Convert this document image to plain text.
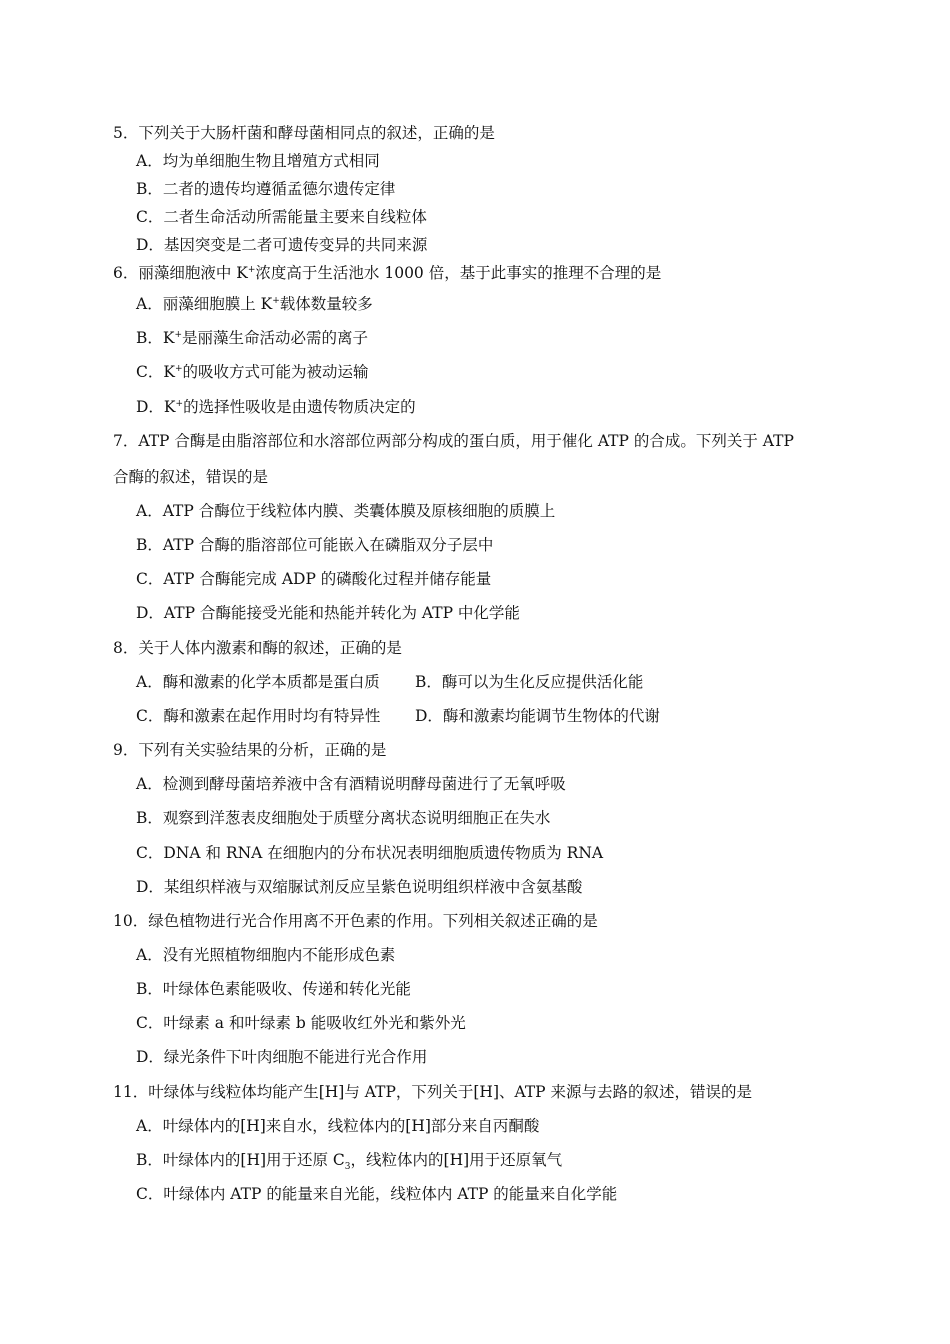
5．下列关于大肠杆菌和酵母菌相同点的叙述，正确的是
A．均为单细胞生物且增殖方式相同
B．二者的遗传均遵循孟德尔遗传定律
C．二者生命活动所需能量主要来自线粒体
D．基因突变是二者可遗传变异的共同来源
6．丽藻细胞液中 K+浓度高于生活池水 1000 倍，基于此事实的推理不合理的是
A．丽藻细胞膜上 K+载体数量较多
B．K+是丽藻生命活动必需的离子
C．K+的吸收方式可能为被动运输
D．K+的选择性吸收是由遗传物质决定的
7．ATP 合酶是由脂溶部位和水溶部位两部分构成的蛋白质，用于催化 ATP 的合成。下列关于 ATP
合酶的叙述，错误的是
A．ATP 合酶位于线粒体内膜、类囊体膜及原核细胞的质膜上
B．ATP 合酶的脂溶部位可能嵌入在磷脂双分子层中
C．ATP 合酶能完成 ADP 的磷酸化过程并储存能量
D．ATP 合酶能接受光能和热能并转化为 ATP 中化学能
8．关于人体内激素和酶的叙述，正确的是
A．酶和激素的化学本质都是蛋白质 B．酶可以为生化反应提供活化能
C．酶和激素在起作用时均有特异性 D．酶和激素均能调节生物体的代谢
9．下列有关实验结果的分析，正确的是
A．检测到酵母菌培养液中含有酒精说明酵母菌进行了无氧呼吸
B．观察到洋葱表皮细胞处于质壁分离状态说明细胞正在失水
C．DNA 和 RNA 在细胞内的分布状况表明细胞质遗传物质为 RNA
D．某组织样液与双缩脲试剂反应呈紫色说明组织样液中含氨基酸
10．绿色植物进行光合作用离不开色素的作用。下列相关叙述正确的是
A．没有光照植物细胞内不能形成色素
B．叶绿体色素能吸收、传递和转化光能
C．叶绿素 a 和叶绿素 b 能吸收红外光和紫外光
D．绿光条件下叶肉细胞不能进行光合作用
11．叶绿体与线粒体均能产生[H]与 ATP，下列关于[H]、ATP 来源与去路的叙述，错误的是
A．叶绿体内的[H]来自水，线粒体内的[H]部分来自丙酮酸
B．叶绿体内的[H]用于还原 $C_3$，线粒体内的[H]用于还原氧气
C．叶绿体内 ATP 的能量来自光能，线粒体内 ATP 的能量来自化学能
